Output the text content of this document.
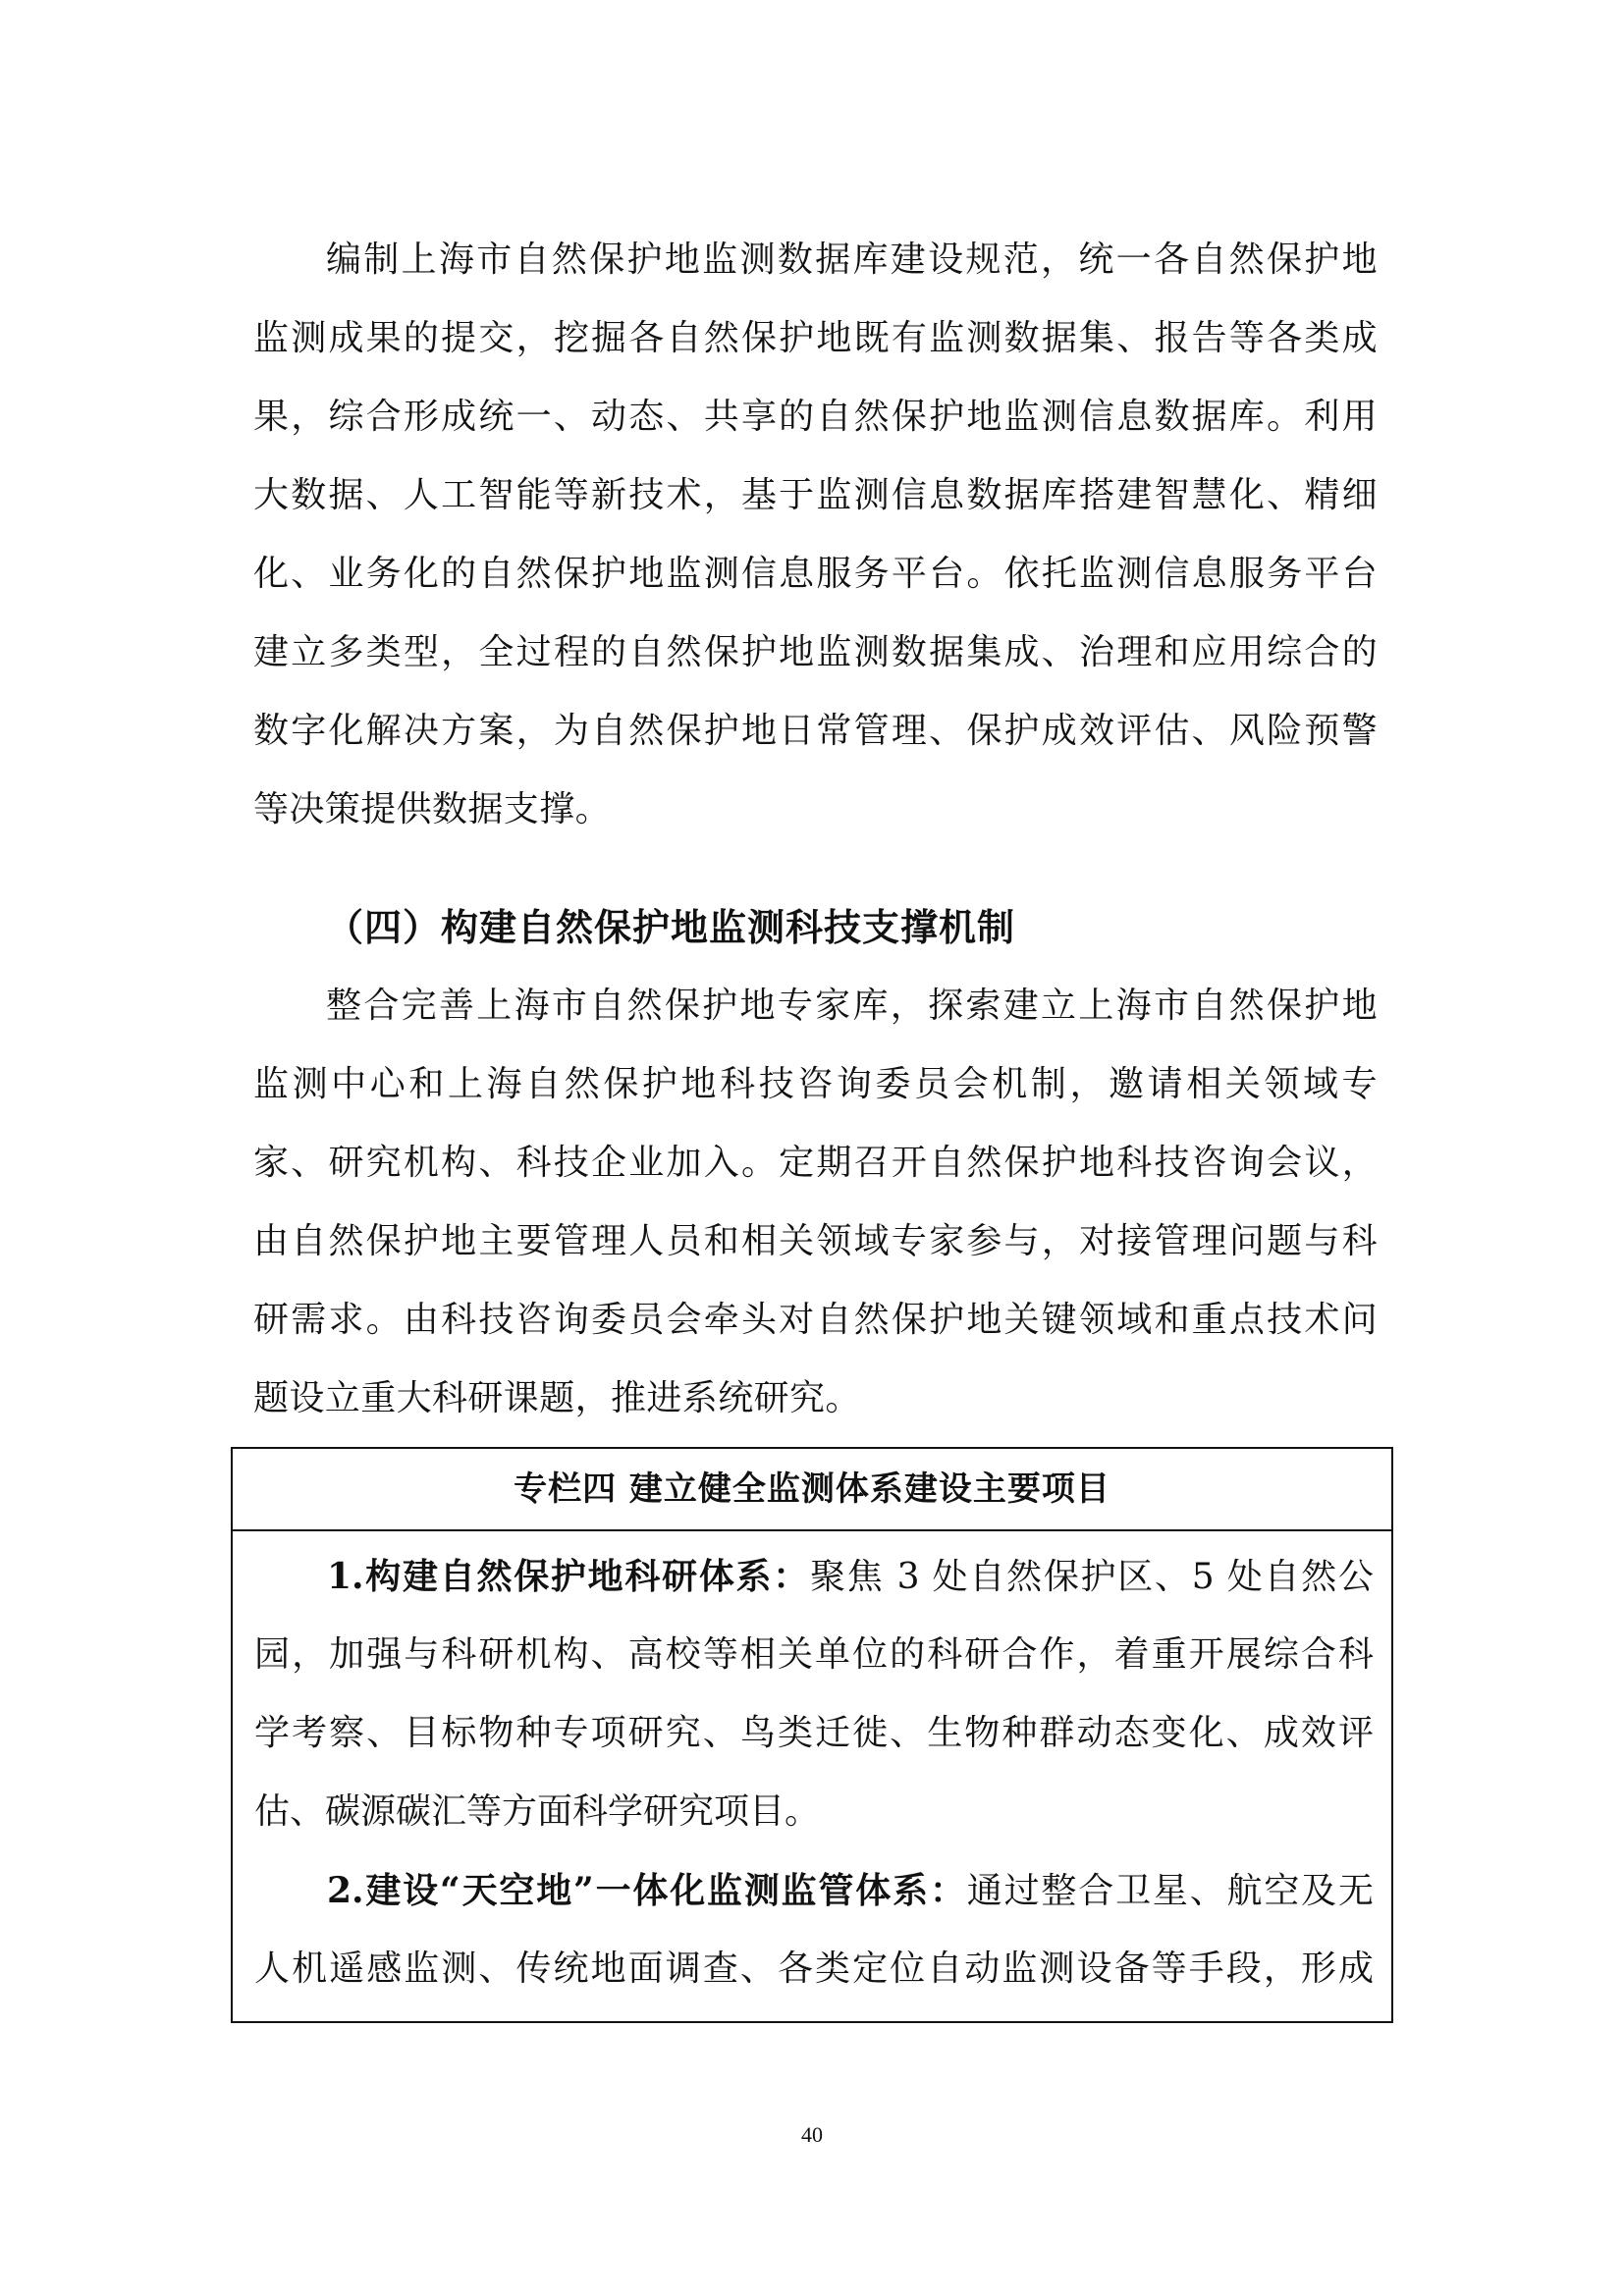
编制上海市自然保护地监测数据库建设规范，统一各自然保护地
监测成果的提交，挖掘各自然保护地既有监测数据集、报告等各类成
果，综合形成统一、动态、共享的自然保护地监测信息数据库。利用
大数据、人工智能等新技术，基于监测信息数据库搭建智慧化、精细
化、业务化的自然保护地监测信息服务平台。依托监测信息服务平台
建立多类型，全过程的自然保护地监测数据集成、治理和应用综合的
数字化解决方案，为自然保护地日常管理、保护成效评估、风险预警
等决策提供数据支撑。
（四）构建自然保护地监测科技支撑机制
整合完善上海市自然保护地专家库，探索建立上海市自然保护地
监测中心和上海自然保护地科技咨询委员会机制，邀请相关领域专
家、研究机构、科技企业加入。定期召开自然保护地科技咨询会议，
由自然保护地主要管理人员和相关领域专家参与，对接管理问题与科
研需求。由科技咨询委员会牵头对自然保护地关键领域和重点技术问
题设立重大科研课题，推进系统研究。
专栏四 建立健全监测体系建设主要项目
1.构建自然保护地科研体系：聚焦 3 处自然保护区、5 处自然公
园，加强与科研机构、高校等相关单位的科研合作，着重开展综合科
学考察、目标物种专项研究、鸟类迁徙、生物种群动态变化、成效评
估、碳源碳汇等方面科学研究项目。
2.建设“天空地”一体化监测监管体系：通过整合卫星、航空及无
人机遥感监测、传统地面调查、各类定位自动监测设备等手段，形成
40
